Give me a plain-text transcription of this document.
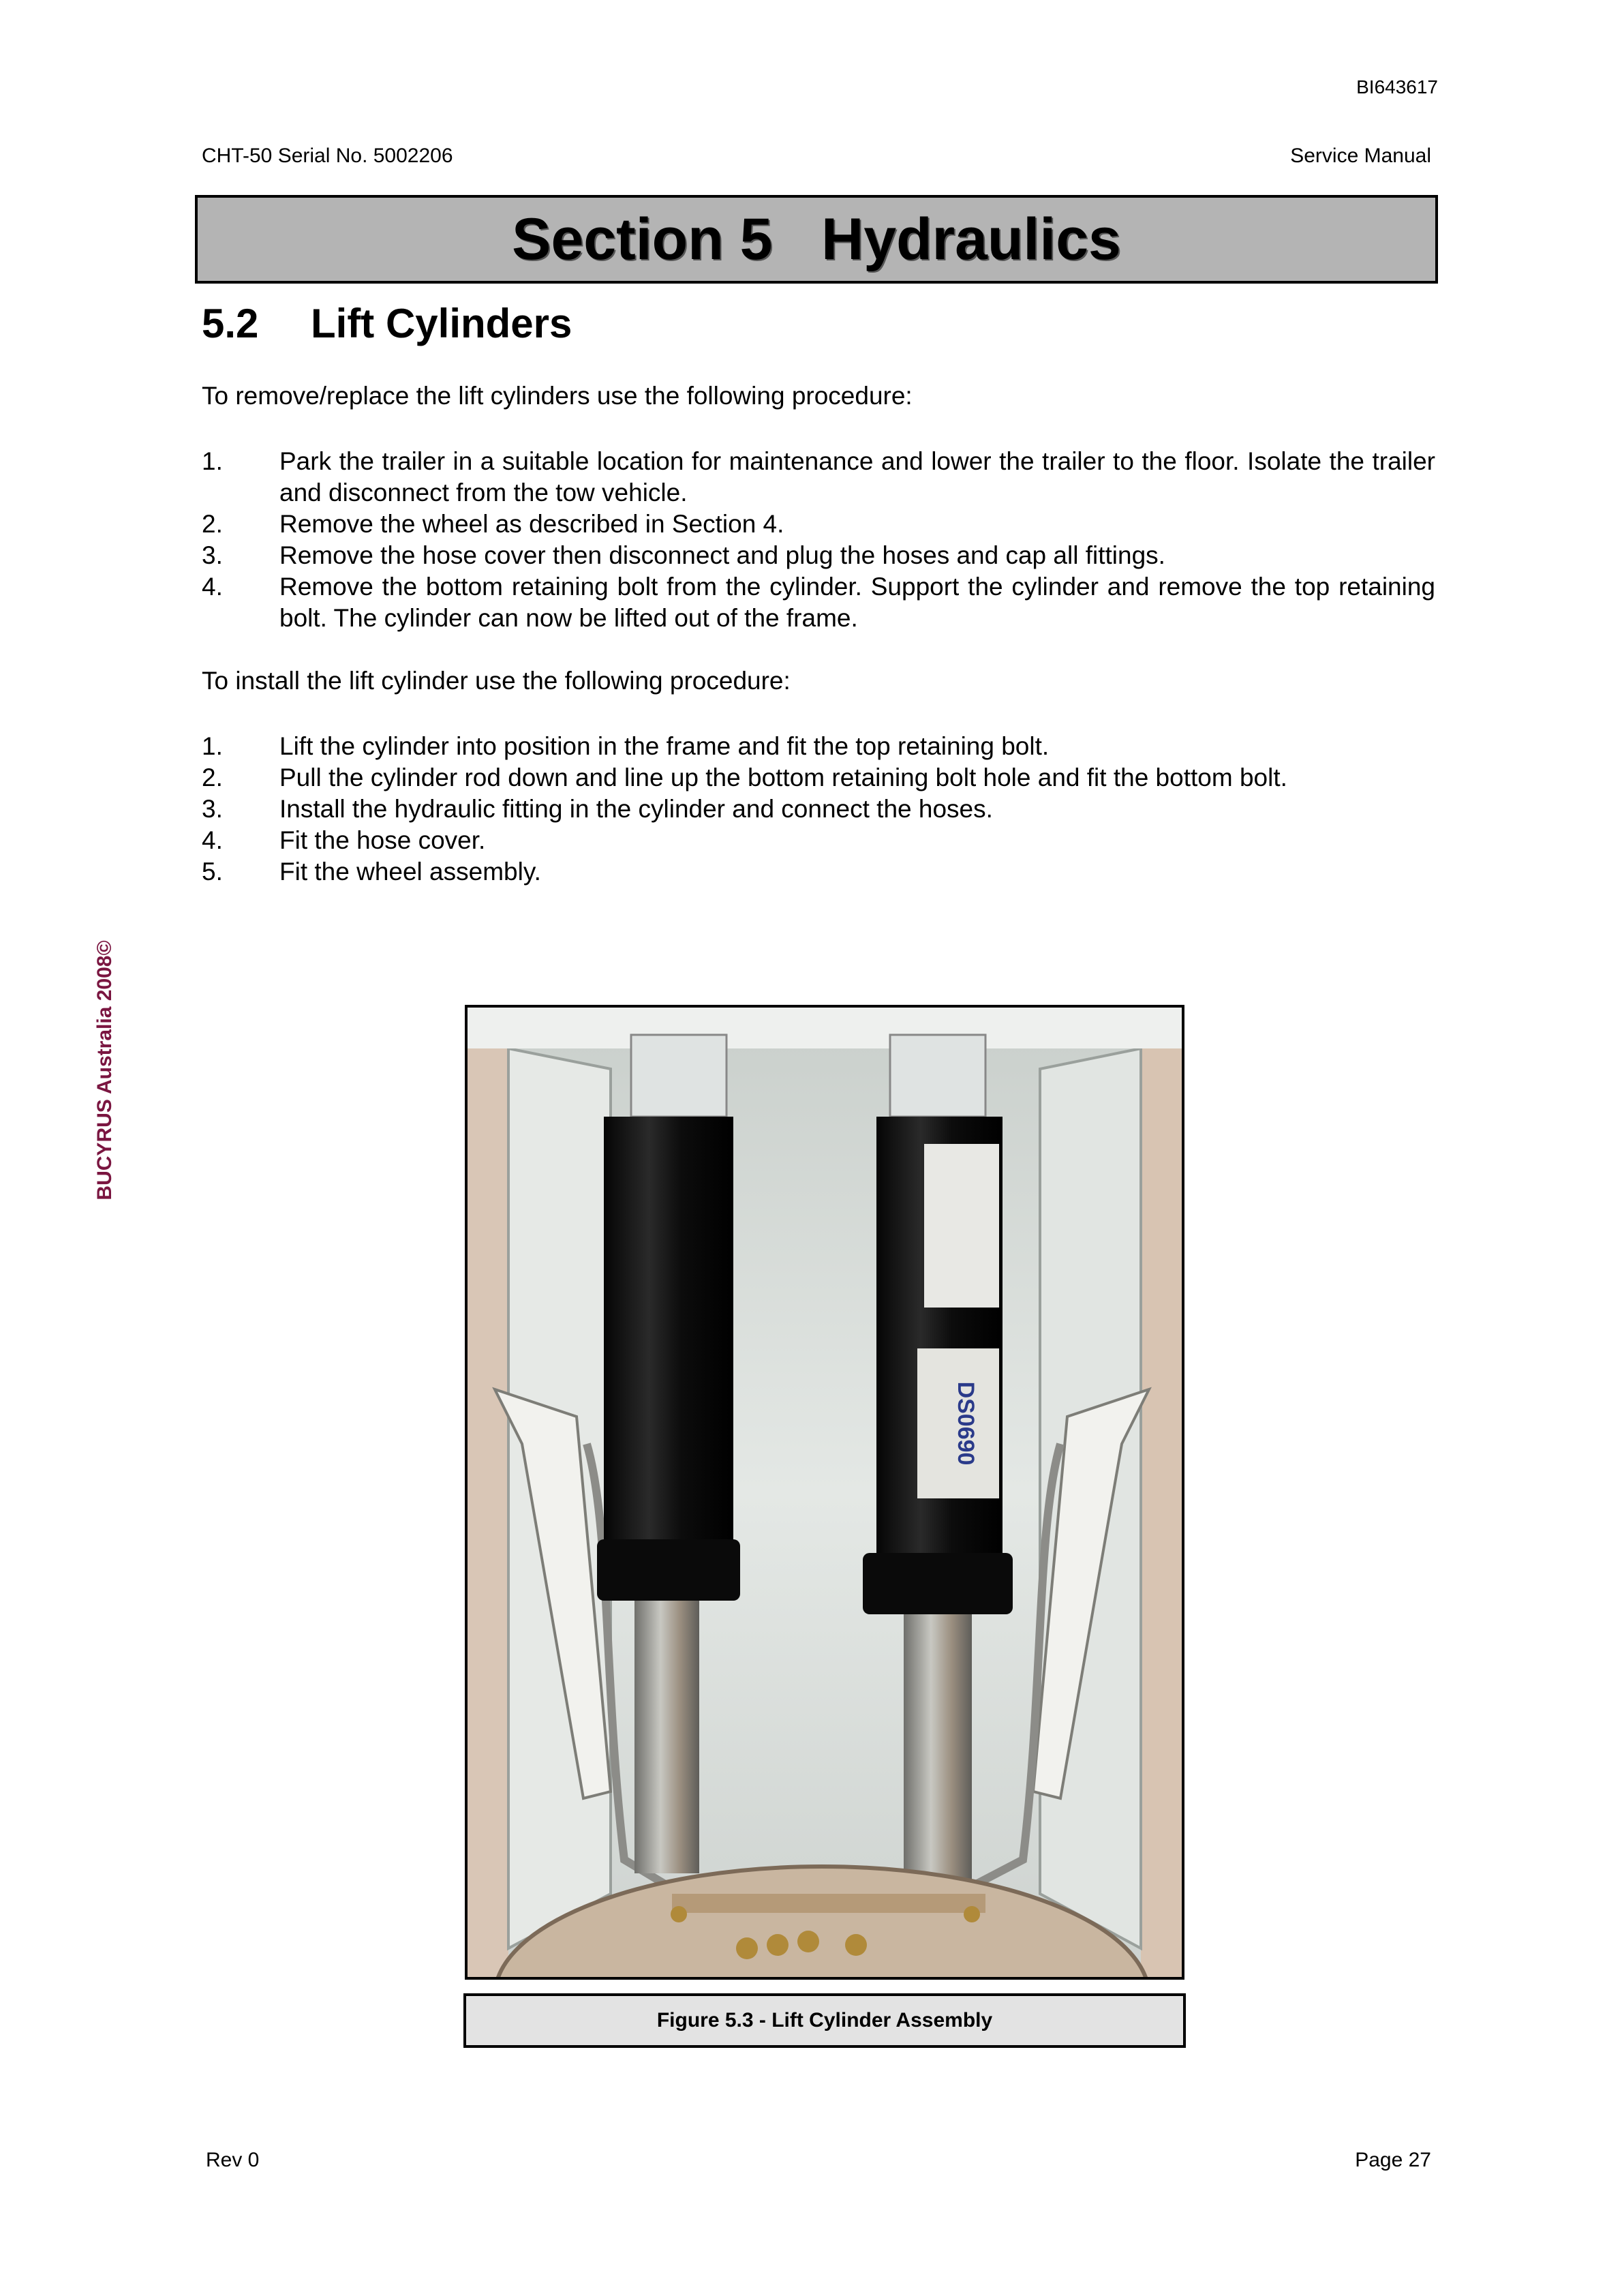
BI643617
CHT-50 Serial No. 5002206	Service Manual
Section 5   Hydraulics
5.2 Lift Cylinders
To remove/replace the lift cylinders use the following procedure:
1.	Park the trailer in a suitable location for maintenance and lower the trailer to the floor. Isolate the trailer and disconnect from the tow vehicle.
2.	Remove the wheel as described in Section 4.
3.	Remove the hose cover then disconnect and plug the hoses and cap all fittings.
4.	Remove the bottom retaining bolt from the cylinder. Support the cylinder and remove the top retaining bolt. The cylinder can now be lifted out of the frame.
To install the lift cylinder use the following procedure:
1.	Lift the cylinder into position in the frame and fit the top retaining bolt.
2.	Pull the cylinder rod down and line up the bottom retaining bolt hole and fit the bottom bolt.
3.	Install the hydraulic fitting in the cylinder and connect the hoses.
4.	Fit the hose cover.
5.	Fit the wheel assembly.
BUCYRUS Australia 2008©
DS0690
Figure 5.3 - Lift Cylinder Assembly
Rev 0	Page 27
